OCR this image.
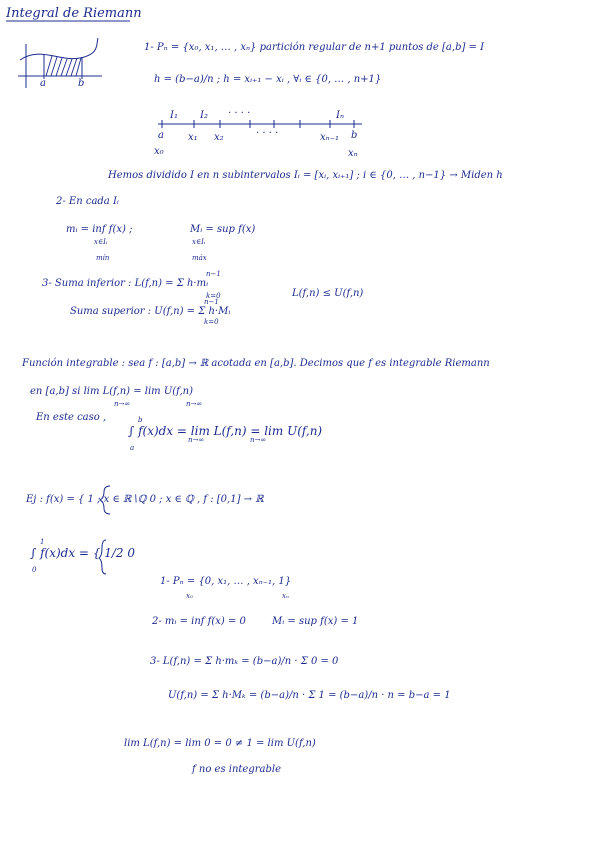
Integral de Riemann
a	b
1- Pₙ = {x₀, x₁, … , xₙ} partición regular de n+1 puntos de [a,b] = I
h = (b−a)/n ; h = xᵢ₊₁ − xᵢ , ∀ᵢ ∈ {0, … , n+1}
I₁ I₂ · · · ·	Iₙ
a x₁ x₂	· · · ·	xₙ₋₁ b
x₀	xₙ
Hemos dividido I en n subintervalos Iᵢ = [xᵢ, xᵢ₊₁] ; i ∈ {0, … , n−1} → Miden h
2- En cada Iᵢ
mᵢ = inf f(x) ;	Mᵢ = sup f(x)
x∈Iᵢ
mín
x∈Iᵢ
máx
3- Suma inferior : L(f,n) = Σ h·mᵢ
n−1
k=0
Suma superior : U(f,n) = Σ h·Mᵢ
n−1
k=0
L(f,n) ≤ U(f,n)
Función integrable : sea f : [a,b] → ℝ acotada en [a,b]. Decimos que f es integrable Riemann
en [a,b] si lim L(f,n) = lim U(f,n)
n→∞	n→∞
En este caso ,
∫ f(x)dx = lim L(f,n) = lim U(f,n)
b
a
n→∞	n→∞
Ej : f(x) = { 1 ; x ∈ ℝ∖ℚ 0 ; x ∈ ℚ , f : [0,1] → ℝ
∫ f(x)dx = { 1/2 0
1
0
1- Pₙ = {0, x₁, … , xₙ₋₁, 1}
x₀	xₙ
2- mᵢ = inf f(x) = 0	Mᵢ = sup f(x) = 1
3- L(f,n) = Σ h·mₖ = (b−a)/n · Σ 0 = 0
U(f,n) = Σ h·Mₖ = (b−a)/n · Σ 1 = (b−a)/n · n = b−a = 1
lim L(f,n) = lim 0 = 0 ≠ 1 = lim U(f,n)
f no es integrable
